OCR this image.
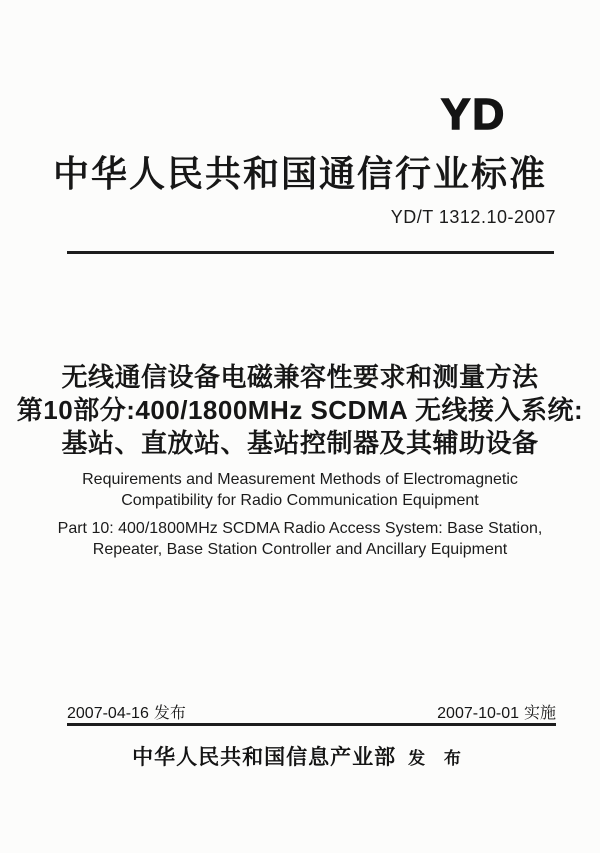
YD
中华人民共和国通信行业标准
YD/T 1312.10-2007
无线通信设备电磁兼容性要求和测量方法
第10部分:400/1800MHz SCDMA 无线接入系统:
基站、直放站、基站控制器及其辅助设备
Requirements and Measurement Methods of Electromagnetic
Compatibility for Radio Communication Equipment
Part 10: 400/1800MHz SCDMA Radio Access System: Base Station,
Repeater, Base Station Controller and Ancillary Equipment
2007-04-16 发布	2007-10-01 实施
中华人民共和国信息产业部 发 布
